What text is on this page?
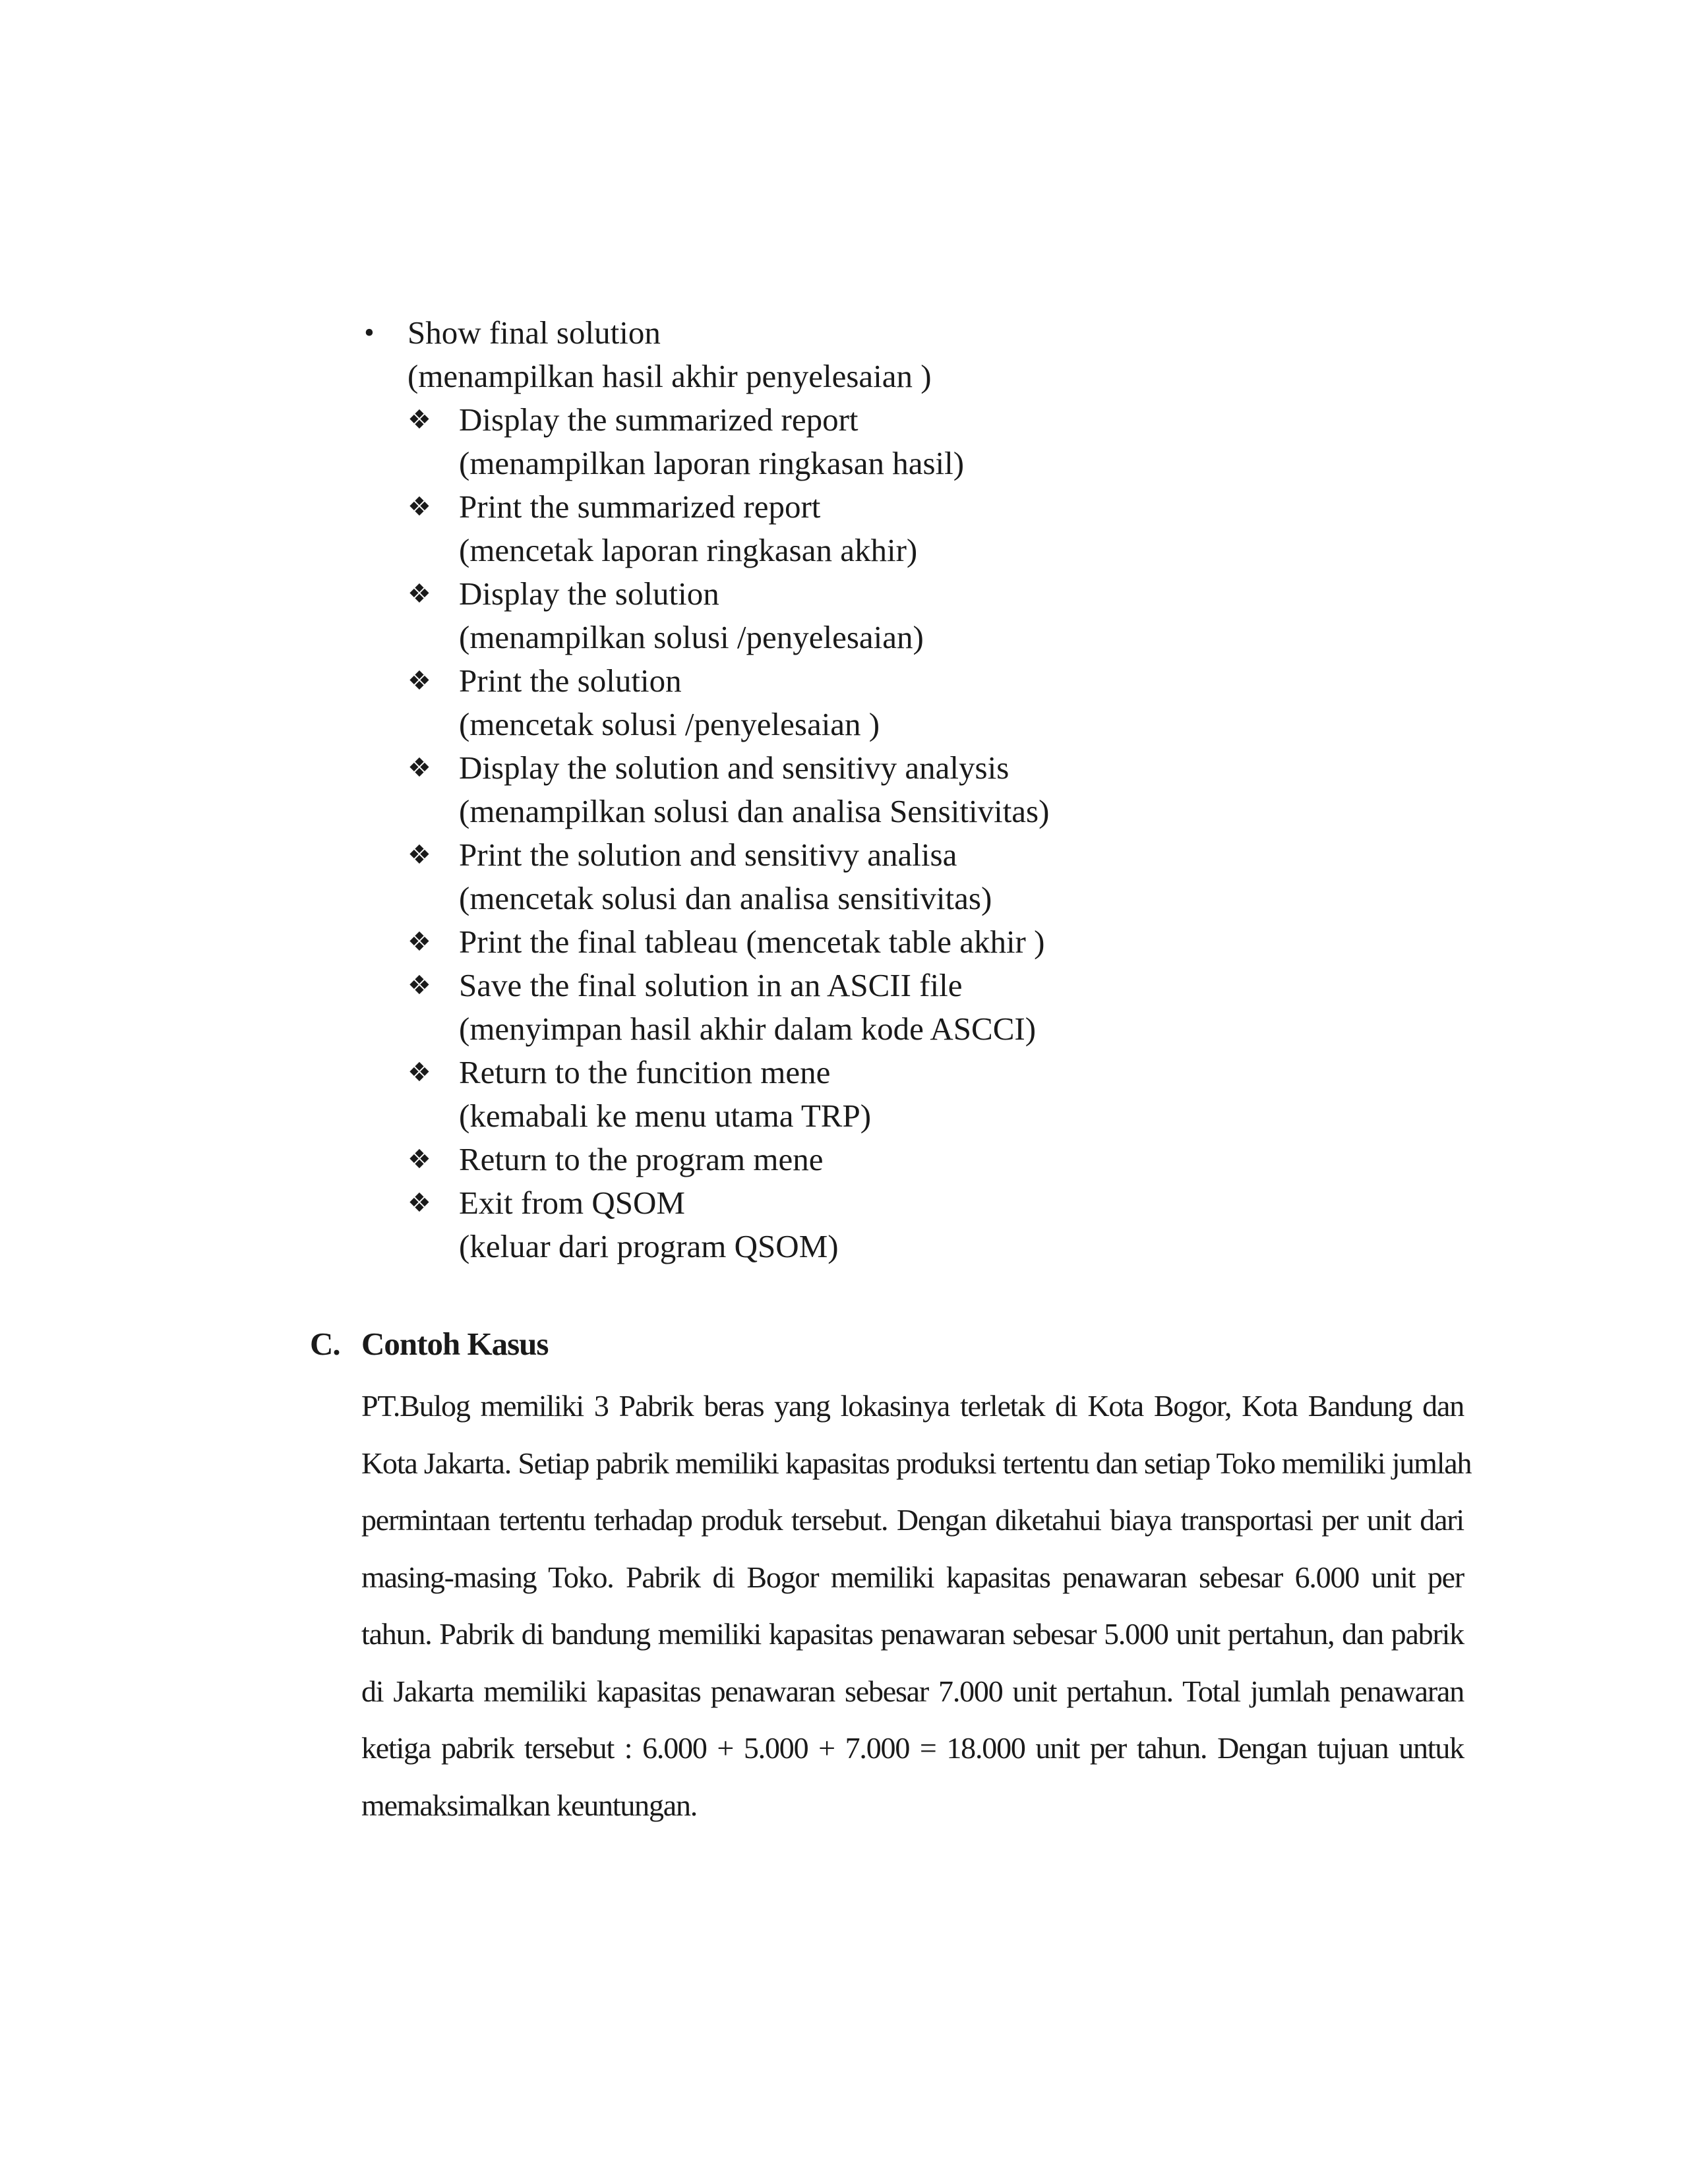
• Show final solution
(menampilkan hasil akhir penyelesaian )
❖ Display the summarized report
(menampilkan laporan ringkasan hasil)
❖ Print the summarized report
(mencetak laporan ringkasan akhir)
❖ Display the solution
(menampilkan solusi /penyelesaian)
❖ Print the solution
(mencetak solusi /penyelesaian )
❖ Display the solution and sensitivy analysis
(menampilkan solusi dan analisa Sensitivitas)
❖ Print the solution and sensitivy analisa
(mencetak solusi dan analisa sensitivitas)
❖ Print the final tableau (mencetak table akhir )
❖ Save the final solution in an ASCII file
(menyimpan hasil akhir dalam kode ASCCI)
❖ Return to the funcition mene
(kemabali ke menu utama TRP)
❖ Return to the program mene
❖ Exit from QSOM
(keluar dari program QSOM)
C. Contoh Kasus
PT.Bulog memiliki 3 Pabrik beras yang lokasinya terletak di Kota Bogor, Kota Bandung dan
Kota Jakarta. Setiap pabrik memiliki kapasitas produksi tertentu dan setiap Toko memiliki jumlah
permintaan tertentu terhadap produk tersebut. Dengan diketahui biaya transportasi per unit dari
masing-masing Toko. Pabrik di Bogor memiliki kapasitas penawaran sebesar 6.000 unit per
tahun. Pabrik di bandung memiliki kapasitas penawaran sebesar 5.000 unit pertahun, dan pabrik
di Jakarta memiliki kapasitas penawaran sebesar 7.000 unit pertahun. Total jumlah penawaran
ketiga pabrik tersebut : 6.000 + 5.000 + 7.000 = 18.000 unit per tahun. Dengan tujuan untuk
memaksimalkan keuntungan.
